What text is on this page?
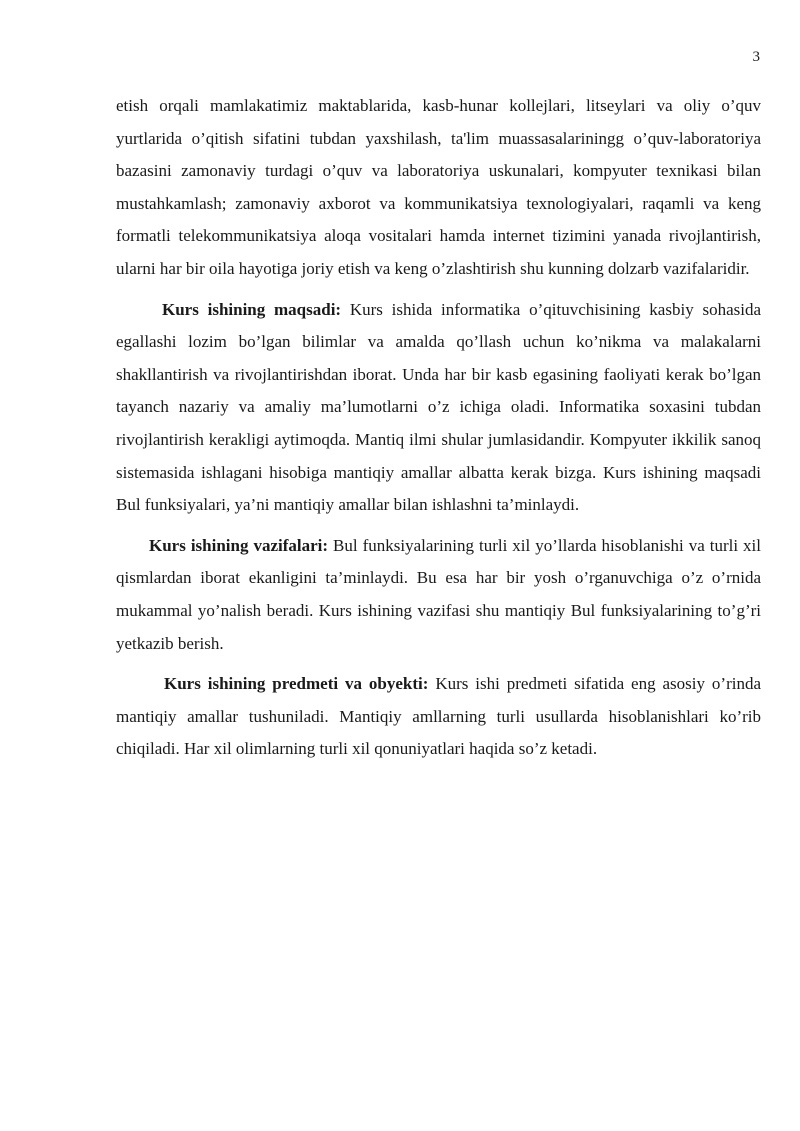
3

etish orqali mamlakatimiz maktablarida, kasb-hunar kollejlari, litseylari va oliy o’quv yurtlarida o’qitish sifatini tubdan yaxshilash, ta'lim muassasalariningg o’quv-laboratoriya bazasini zamonaviy turdagi o’quv va laboratoriya uskunalari, kompyuter texnikasi bilan mustahkamlash; zamonaviy axborot va kommunikatsiya texnologiyalari, raqamli va keng formatli telekommunikatsiya aloqa vositalari hamda internet tizimini yanada rivojlantirish, ularni har bir oila hayotiga joriy etish va keng o’zlashtirish shu kunning dolzarb vazifalaridir.

Kurs ishining maqsadi: Kurs ishida informatika o’qituvchisining kasbiy sohasida egallashi lozim bo’lgan bilimlar va amalda qo’llash uchun ko’nikma va malakalarni shakllantirish va rivojlantirishdan iborat. Unda har bir kasb egasining faoliyati kerak bo’lgan tayanch nazariy va amaliy ma’lumotlarni o’z ichiga oladi. Informatika soxasini tubdan rivojlantirish kerakligi aytimoqda. Mantiq ilmi shular jumlasidandir. Kompyuter ikkilik sanoq sistemasida ishlagani hisobiga mantiqiy amallar albatta kerak bizga. Kurs ishining maqsadi Bul funksiyalari, ya’ni mantiqiy amallar bilan ishlashni ta’minlaydi.

Kurs ishining vazifalari: Bul funksiyalarining turli xil yo’llarda hisoblanishi va turli xil qismlardan iborat ekanligini ta’minlaydi. Bu esa har bir yosh o’rganuvchiga o’z o’rnida mukammal yo’nalish beradi. Kurs ishining vazifasi shu mantiqiy Bul funksiyalarining to’g’ri yetkazib berish.

Kurs ishining predmeti va obyekti: Kurs ishi predmeti sifatida eng asosiy o’rinda mantiqiy amallar tushuniladi. Mantiqiy amllarning turli usullarda hisoblanishlari ko’rib chiqiladi. Har xil olimlarning turli xil qonuniyatlari haqida so’z ketadi.
